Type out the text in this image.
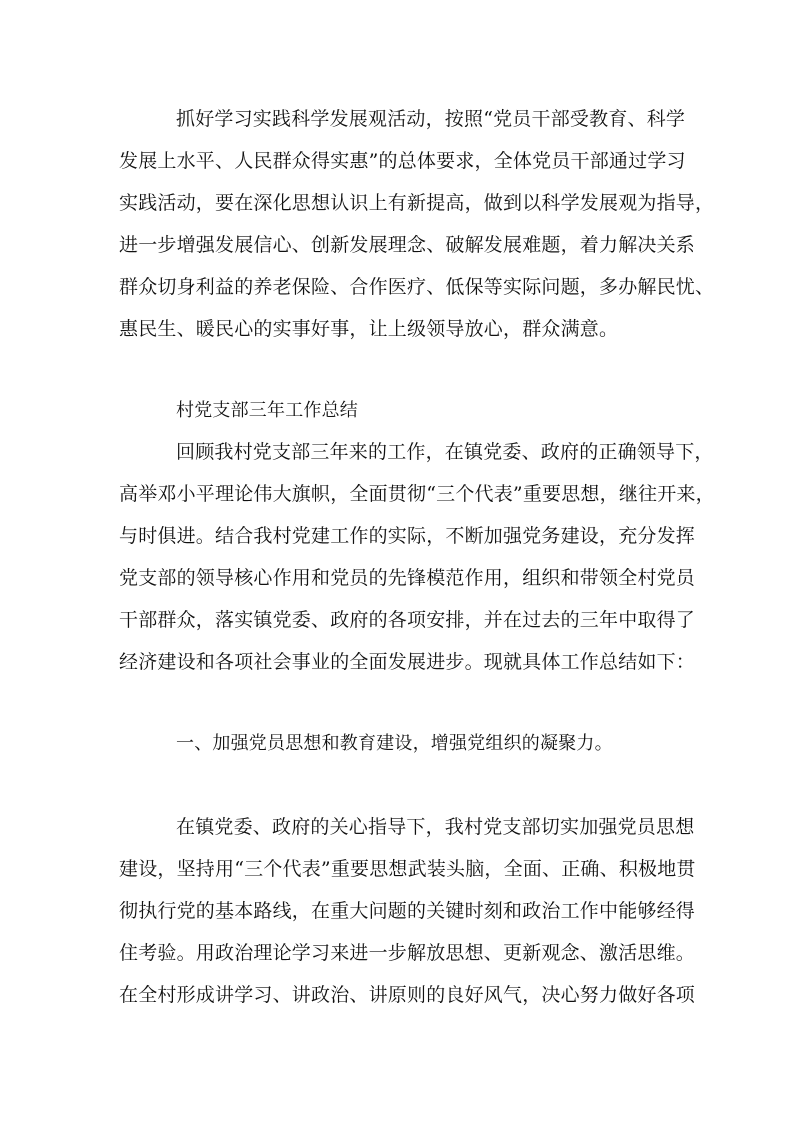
抓好学习实践科学发展观活动，按照“党员干部受教育、科学
发展上水平、人民群众得实惠”的总体要求，全体党员干部通过学习
实践活动，要在深化思想认识上有新提高，做到以科学发展观为指导，
进一步增强发展信心、创新发展理念、破解发展难题，着力解决关系
群众切身利益的养老保险、合作医疗、低保等实际问题，多办解民忧、
惠民生、暖民心的实事好事，让上级领导放心，群众满意。
村党支部三年工作总结
回顾我村党支部三年来的工作，在镇党委、政府的正确领导下，
高举邓小平理论伟大旗帜，全面贯彻“三个代表”重要思想，继往开来，
与时俱进。结合我村党建工作的实际，不断加强党务建设，充分发挥
党支部的领导核心作用和党员的先锋模范作用，组织和带领全村党员
干部群众，落实镇党委、政府的各项安排，并在过去的三年中取得了
经济建设和各项社会事业的全面发展进步。现就具体工作总结如下：
一、加强党员思想和教育建设，增强党组织的凝聚力。
在镇党委、政府的关心指导下，我村党支部切实加强党员思想
建设，坚持用“三个代表”重要思想武装头脑，全面、正确、积极地贯
彻执行党的基本路线，在重大问题的关键时刻和政治工作中能够经得
住考验。用政治理论学习来进一步解放思想、更新观念、激活思维。
在全村形成讲学习、讲政治、讲原则的良好风气，决心努力做好各项
